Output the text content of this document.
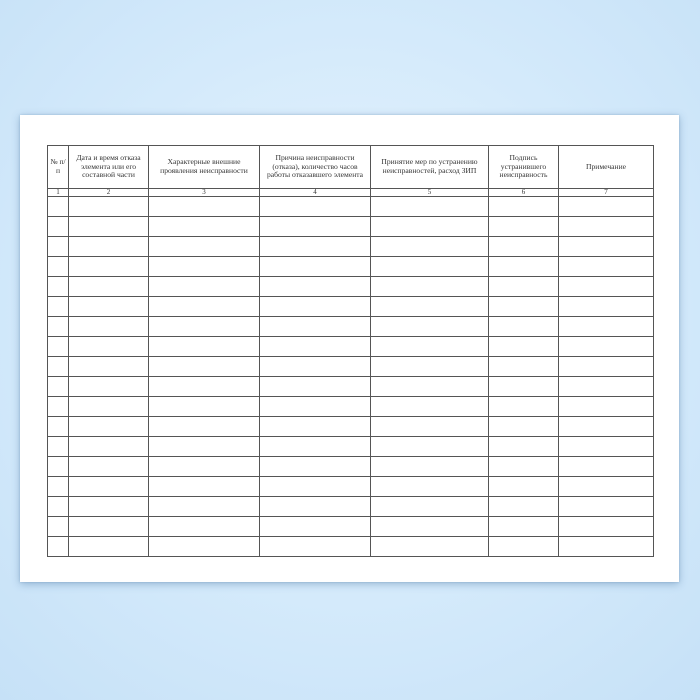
№ п/п	Дата и время отказа элемента или его составной части	Характерные внешние проявления неисправности	Причина неисправности (отказа), количество часов работы отказавшего элемента	Принятие мер по устранению неисправностей, расход ЗИП	Подпись устранившего неисправность	Примечание
1	2	3	4	5	6	7
